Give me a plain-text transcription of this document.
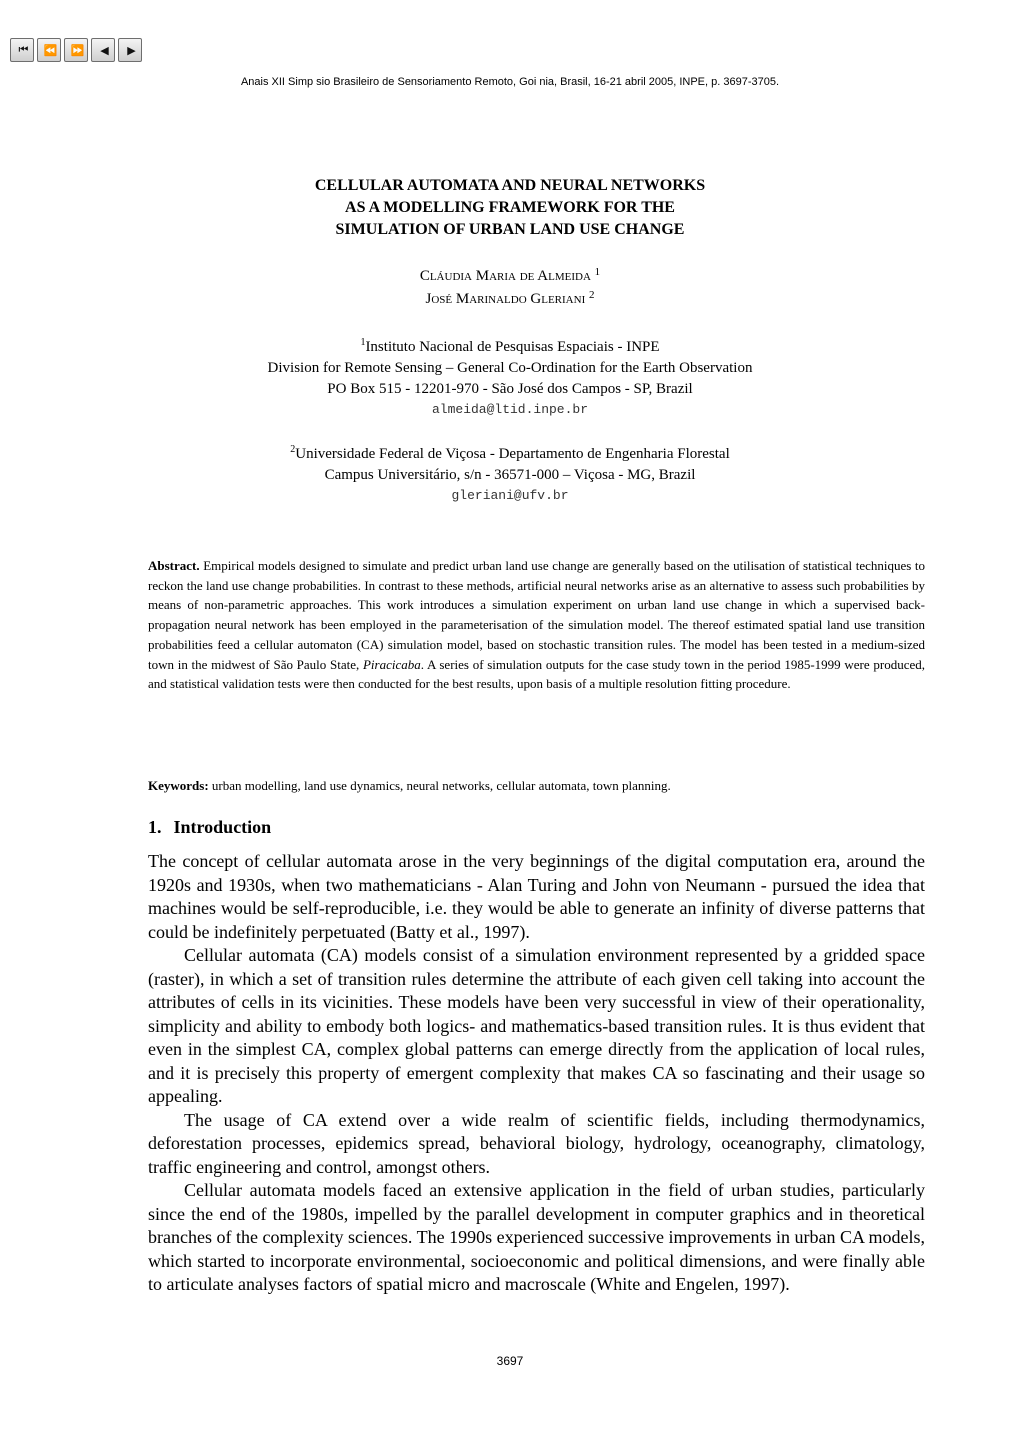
⏮ ⏪ ⏩ ◀ ▶
Anais XII Simp sio Brasileiro de Sensoriamento Remoto, Goi nia, Brasil, 16-21 abril 2005, INPE, p. 3697-3705.
CELLULAR AUTOMATA AND NEURAL NETWORKS
AS A MODELLING FRAMEWORK FOR THE
SIMULATION OF URBAN LAND USE CHANGE
Cláudia Maria de Almeida $^1$
José Marinaldo Gleriani $^2$
$^1$Instituto Nacional de Pesquisas Espaciais - INPE
Division for Remote Sensing – General Co-Ordination for the Earth Observation
PO Box 515 - 12201-970 - São José dos Campos - SP, Brazil
almeida@ltid.inpe.br
$^2$Universidade Federal de Viçosa - Departamento de Engenharia Florestal
Campus Universitário, s/n - 36571-000 – Viçosa - MG, Brazil
gleriani@ufv.br

Abstract. Empirical models designed to simulate and predict urban land use change are generally based on the utilisation of statistical techniques to reckon the land use change probabilities. In contrast to these methods, artificial neural networks arise as an alternative to assess such probabilities by means of non-parametric approaches. This work introduces a simulation experiment on urban land use change in which a supervised back-propagation neural network has been employed in the parameterisation of the simulation model. The thereof estimated spatial land use transition probabilities feed a cellular automaton (CA) simulation model, based on stochastic transition rules. The model has been tested in a medium-sized town in the midwest of São Paulo State, Piracicaba. A series of simulation outputs for the case study town in the period 1985-1999 were produced, and statistical validation tests were then conducted for the best results, upon basis of a multiple resolution fitting procedure.

Keywords: urban modelling, land use dynamics, neural networks, cellular automata, town planning.

1. Introduction

The concept of cellular automata arose in the very beginnings of the digital computation era, around the 1920s and 1930s, when two mathematicians - Alan Turing and John von Neumann - pursued the idea that machines would be self-reproducible, i.e. they would be able to generate an infinity of diverse patterns that could be indefinitely perpetuated (Batty et al., 1997).

Cellular automata (CA) models consist of a simulation environment represented by a gridded space (raster), in which a set of transition rules determine the attribute of each given cell taking into account the attributes of cells in its vicinities. These models have been very successful in view of their operationality, simplicity and ability to embody both logics- and mathematics-based transition rules. It is thus evident that even in the simplest CA, complex global patterns can emerge directly from the application of local rules, and it is precisely this property of emergent complexity that makes CA so fascinating and their usage so appealing.

The usage of CA extend over a wide realm of scientific fields, including thermodynamics, deforestation processes, epidemics spread, behavioral biology, hydrology, oceanography, climatology, traffic engineering and control, amongst others.

Cellular automata models faced an extensive application in the field of urban studies, particularly since the end of the 1980s, impelled by the parallel development in computer graphics and in theoretical branches of the complexity sciences. The 1990s experienced successive improvements in urban CA models, which started to incorporate environmental, socioeconomic and political dimensions, and were finally able to articulate analyses factors of spatial micro and macroscale (White and Engelen, 1997).

3697
